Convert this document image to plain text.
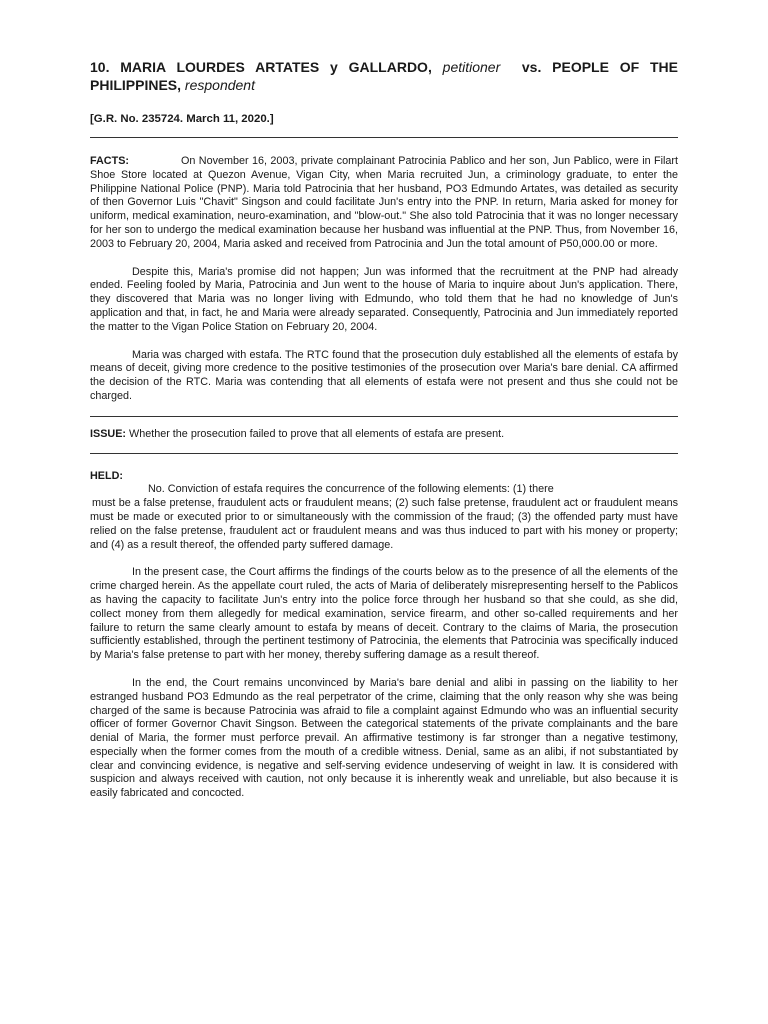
10. MARIA LOURDES ARTATES y GALLARDO, petitioner vs. PEOPLE OF THE PHILIPPINES, respondent
[G.R. No. 235724. March 11, 2020.]

FACTS:	On November 16, 2003, private complainant Patrocinia Pablico and her son, Jun Pablico, were in Filart Shoe Store located at Quezon Avenue, Vigan City, when Maria recruited Jun, a criminology graduate, to enter the Philippine National Police (PNP). Maria told Patrocinia that her husband, PO3 Edmundo Artates, was detailed as security of then Governor Luis "Chavit" Singson and could facilitate Jun's entry into the PNP. In return, Maria asked for money for uniform, medical examination, neuro-examination, and "blow-out." She also told Patrocinia that it was no longer necessary for her son to undergo the medical examination because her husband was influential at the PNP. Thus, from November 16, 2003 to February 20, 2004, Maria asked and received from Patrocinia and Jun the total amount of P50,000.00 or more.

Despite this, Maria's promise did not happen; Jun was informed that the recruitment at the PNP had already ended. Feeling fooled by Maria, Patrocinia and Jun went to the house of Maria to inquire about Jun's application. There, they discovered that Maria was no longer living with Edmundo, who told them that he had no knowledge of Jun's application and that, in fact, he and Maria were already separated. Consequently, Patrocinia and Jun immediately reported the matter to the Vigan Police Station on February 20, 2004.

Maria was charged with estafa. The RTC found that the prosecution duly established all the elements of estafa by means of deceit, giving more credence to the positive testimonies of the prosecution over Maria's bare denial. CA affirmed the decision of the RTC. Maria was contending that all elements of estafa were not present and thus she could not be charged.

ISSUE: Whether the prosecution failed to prove that all elements of estafa are present.

HELD:

No. Conviction of estafa requires the concurrence of the following elements: (1) there

must be a false pretense, fraudulent acts or fraudulent means; (2) such false pretense, fraudulent act or fraudulent means must be made or executed prior to or simultaneously with the commission of the fraud; (3) the offended party must have relied on the false pretense, fraudulent act or fraudulent means and was thus induced to part with his money or property; and (4) as a result thereof, the offended party suffered damage.

In the present case, the Court affirms the findings of the courts below as to the presence of all the elements of the crime charged herein. As the appellate court ruled, the acts of Maria of deliberately misrepresenting herself to the Pablicos as having the capacity to facilitate Jun's entry into the police force through her husband so that she could, as she did, collect money from them allegedly for medical examination, service firearm, and other so-called requirements and her failure to return the same clearly amount to estafa by means of deceit. Contrary to the claims of Maria, the prosecution sufficiently established, through the pertinent testimony of Patrocinia, the elements that Patrocinia was specifically induced by Maria's false pretense to part with her money, thereby suffering damage as a result thereof.

In the end, the Court remains unconvinced by Maria's bare denial and alibi in passing on the liability to her estranged husband PO3 Edmundo as the real perpetrator of the crime, claiming that the only reason why she was being charged of the same is because Patrocinia was afraid to file a complaint against Edmundo who was an influential security officer of former Governor Chavit Singson. Between the categorical statements of the private complainants and the bare denial of Maria, the former must perforce prevail. An affirmative testimony is far stronger than a negative testimony, especially when the former comes from the mouth of a credible witness. Denial, same as an alibi, if not substantiated by clear and convincing evidence, is negative and self-serving evidence undeserving of weight in law. It is considered with suspicion and always received with caution, not only because it is inherently weak and unreliable, but also because it is easily fabricated and concocted.
